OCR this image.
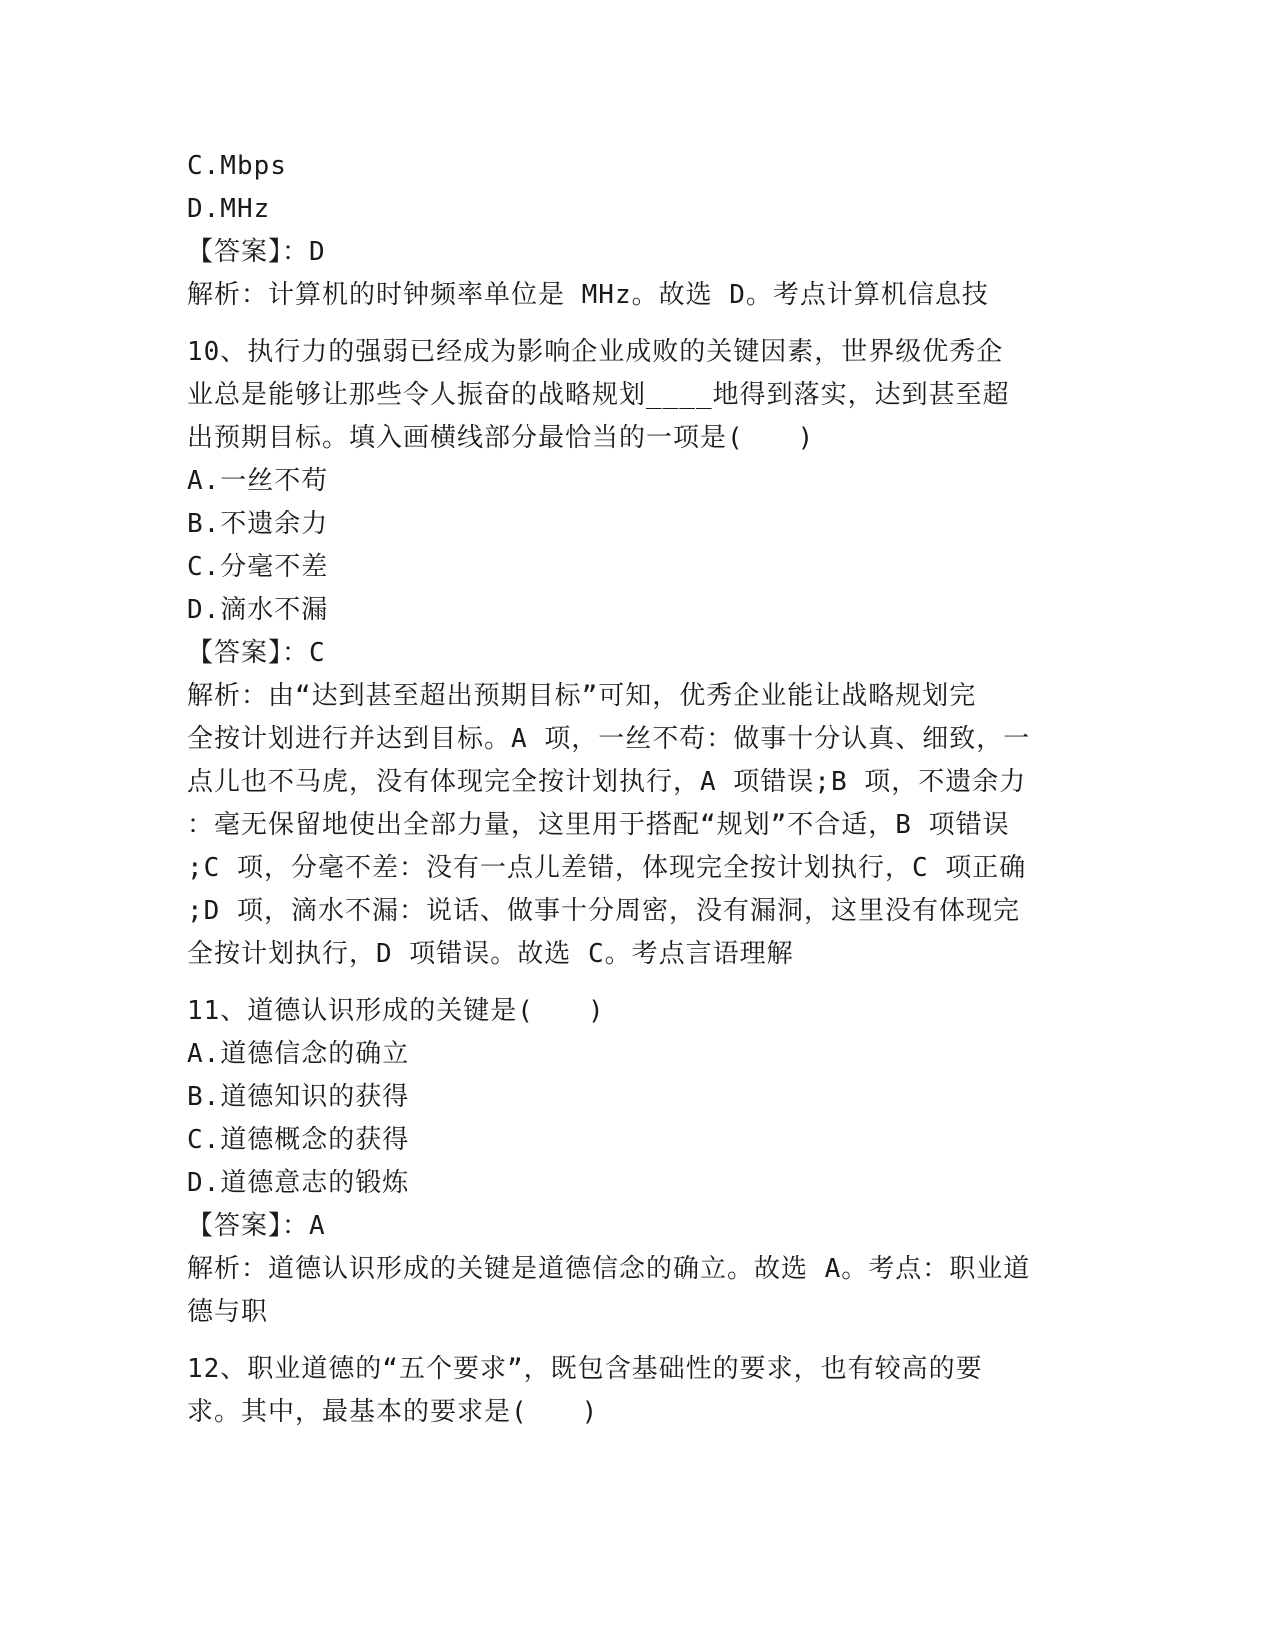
C.Mbps
D.MHz
【答案】：D
解析：计算机的时钟频率单位是 MHz。故选 D。考点计算机信息技
10、执行力的强弱已经成为影响企业成败的关键因素，世界级优秀企
业总是能够让那些令人振奋的战略规划____地得到落实，达到甚至超
出预期目标。填入画横线部分最恰当的一项是(　　)
A.一丝不苟
B.不遗余力
C.分毫不差
D.滴水不漏
【答案】：C
解析：由“达到甚至超出预期目标”可知，优秀企业能让战略规划完
全按计划进行并达到目标。A 项，一丝不苟：做事十分认真、细致，一
点儿也不马虎，没有体现完全按计划执行，A 项错误;B 项，不遗余力
：毫无保留地使出全部力量，这里用于搭配“规划”不合适，B 项错误
;C 项，分毫不差：没有一点儿差错，体现完全按计划执行，C 项正确
;D 项，滴水不漏：说话、做事十分周密，没有漏洞，这里没有体现完
全按计划执行，D 项错误。故选 C。考点言语理解
11、道德认识形成的关键是(　　)
A.道德信念的确立
B.道德知识的获得
C.道德概念的获得
D.道德意志的锻炼
【答案】：A
解析：道德认识形成的关键是道德信念的确立。故选 A。考点：职业道
德与职
12、职业道德的“五个要求”，既包含基础性的要求，也有较高的要
求。其中，最基本的要求是(　　)
